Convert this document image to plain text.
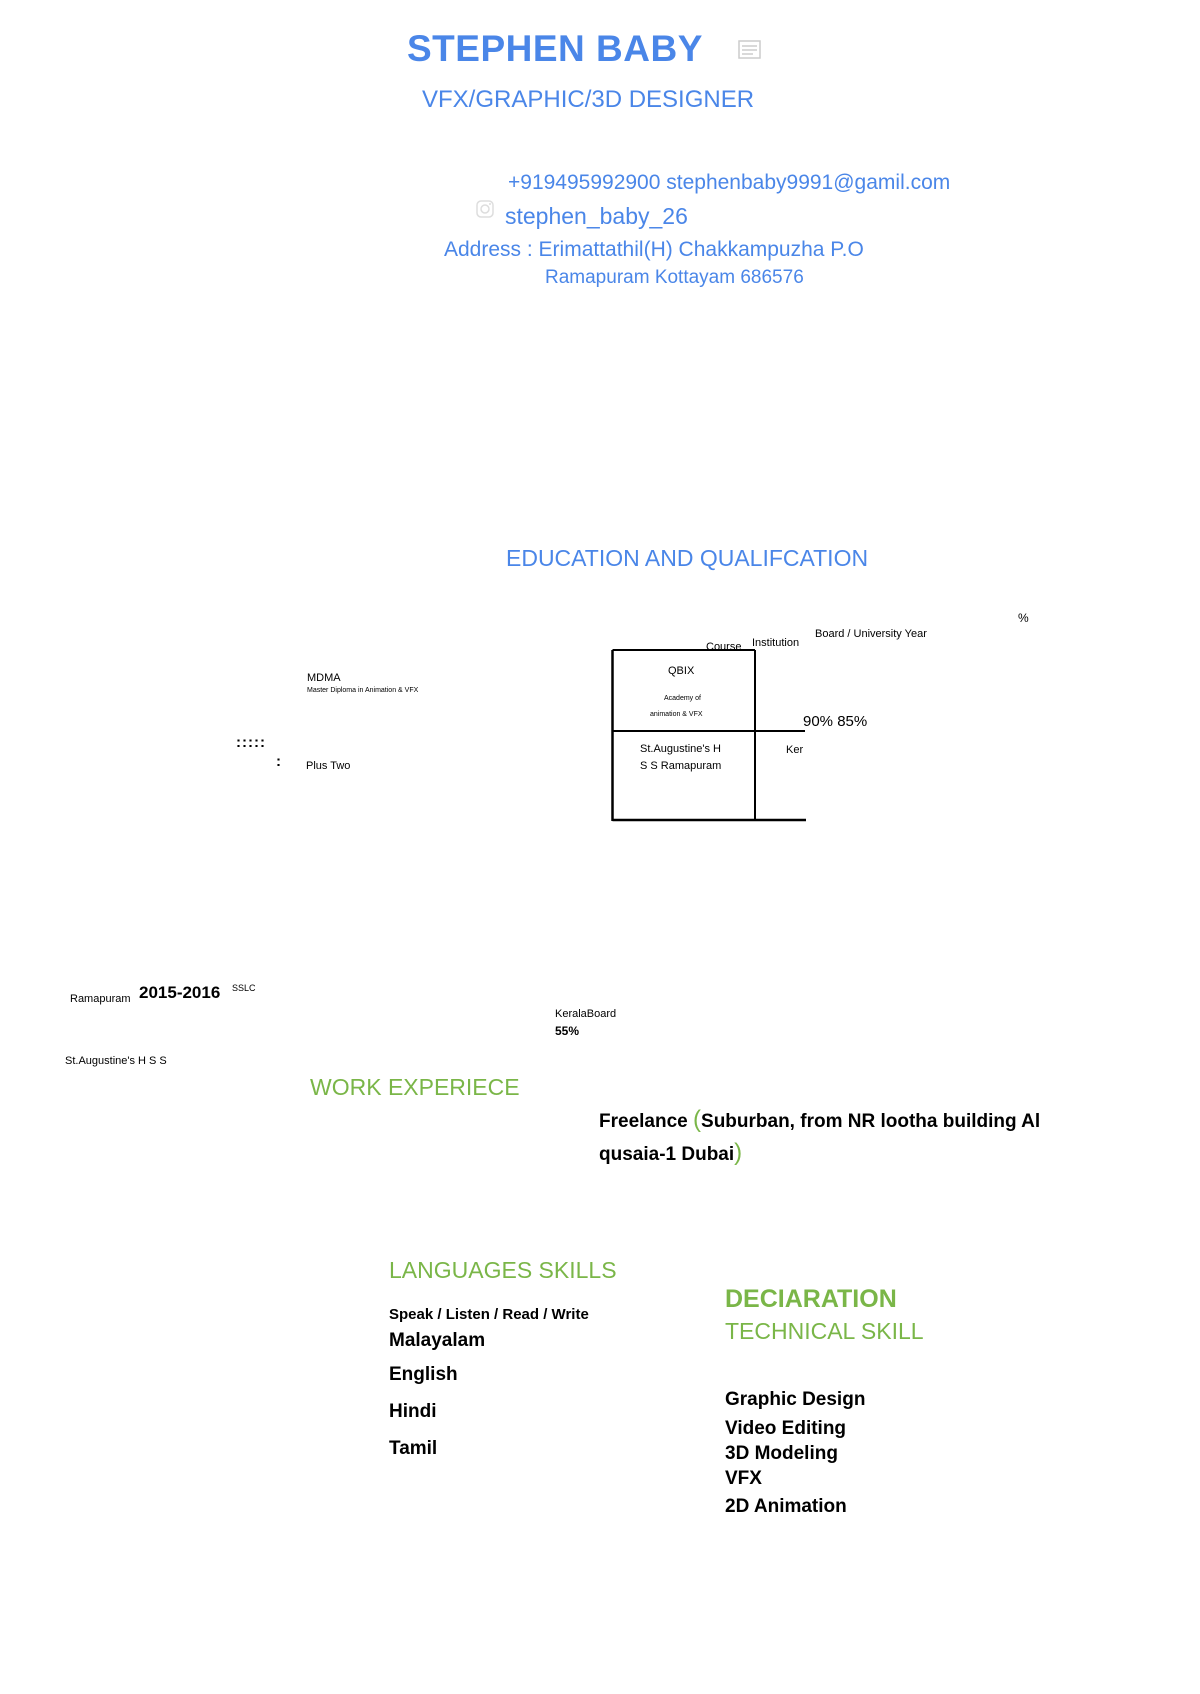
STEPHEN BABY
VFX/GRAPHIC/3D DESIGNER
+919495992900 stephenbaby9991@gamil.com
stephen_baby_26
Address : Erimattathil(H) Chakkampuzha P.O
Ramapuram Kottayam 686576
EDUCATION AND QUALIFCATION
%
Board / University Year
Institution
Course
MDMA
Master Diploma in Animation & VFX
QBIX
Academy of
animation & VFX	90% 85%
:::::
: Plus Two
St.Augustine's H
S S Ramapuram
Ker
Ramapuram 2015-2016 SSLC
KeralaBoard
55%
St.Augustine's H S S
WORK EXPERIECE
Freelance (Suburban, from NR lootha building Al qusaia-1 Dubai)
LANGUAGES SKILLS
Speak / Listen / Read / Write
Malayalam
English
Hindi
Tamil
DECIARATION
TECHNICAL SKILL
Graphic Design
Video Editing
3D Modeling
VFX
2D Animation
